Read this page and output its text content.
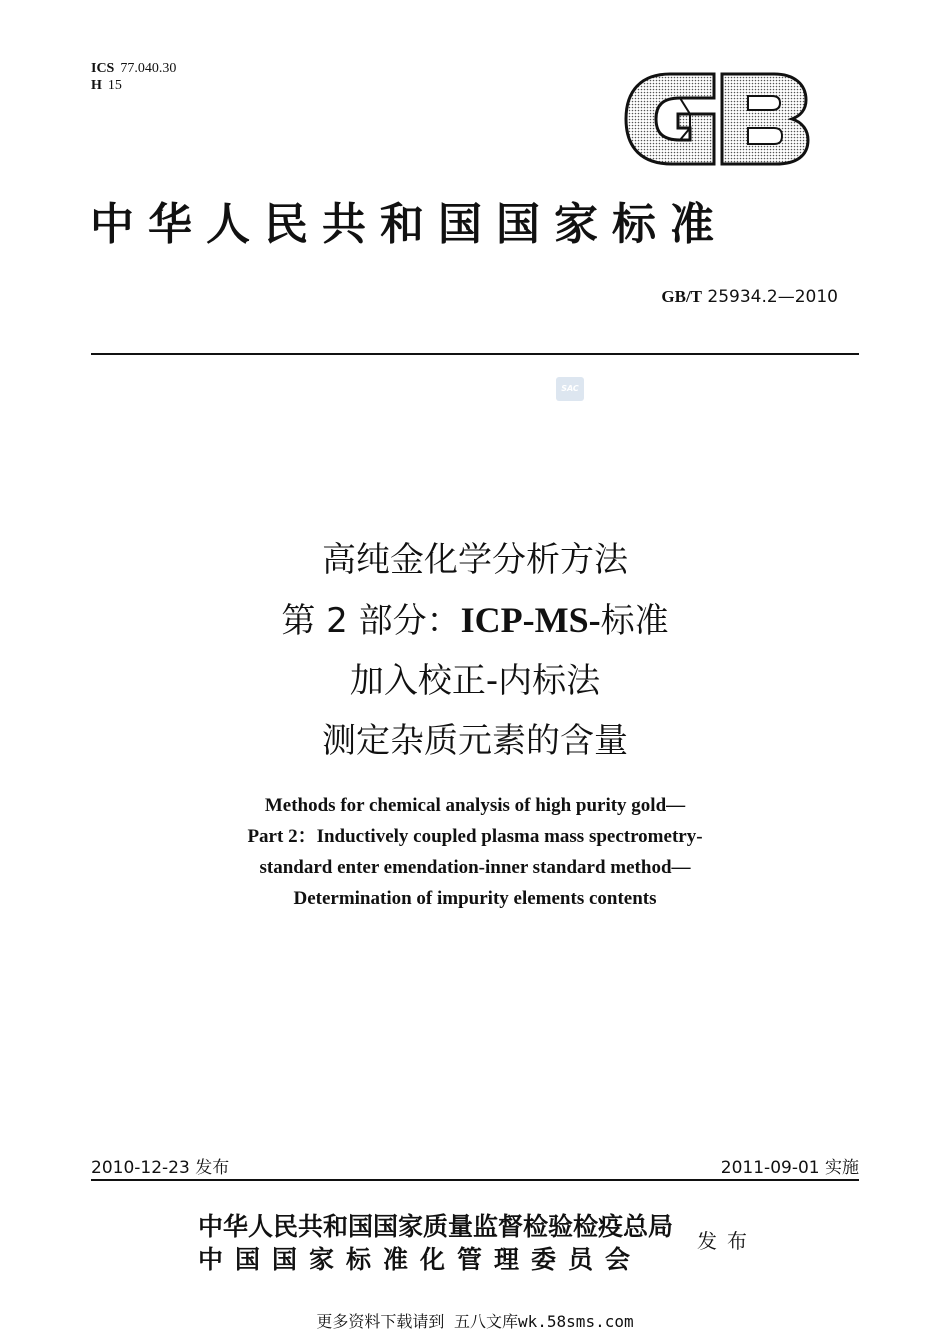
ICS 77.040.30
H 15
GB
中华人民共和国国家标准
GB/T 25934.2—2010
SAC
高纯金化学分析方法
第 2 部分：ICP-MS-标准
加入校正-内标法
测定杂质元素的含量
Methods for chemical analysis of high purity gold—
Part 2：Inductively coupled plasma mass spectrometry-
standard enter emendation-inner standard method—
Determination of impurity elements contents
2010-12-23 发布	2011-09-01 实施
中华人民共和国国家质量监督检验检疫总局
中国国家标准化管理委员会
发布
更多资料下载请到 五八文库wk.58sms.com
